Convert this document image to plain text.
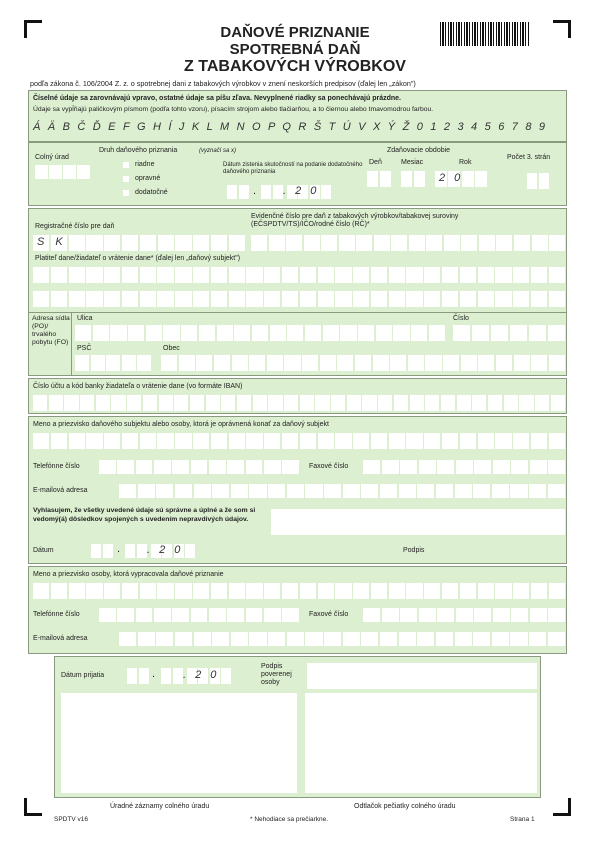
DAŇOVÉ PRIZNANIE
SPOTREBNÁ DAŇ
Z TABAKOVÝCH VÝROBKOV
podľa zákona č. 106/2004 Z. z. o spotrebnej dani z tabakových výrobkov v znení neskorších predpisov (ďalej len „zákon")
Číselné údaje sa zarovnávajú vpravo, ostatné údaje sa píšu zľava. Nevyplnené riadky sa ponechávajú prázdne.
Údaje sa vypĺňajú paličkovým písmom (podľa tohto vzoru), písacím strojom alebo tlačiarňou, a to čiernou alebo tmavomodrou farbou.
Á Ä B Č Ď E F G H Í J K L M N O P Q R Š T Ú V X Ý Ž 0 1 2 3 4 5 6 7 8 9
Colný úrad
Druh daňového priznania	(vyznačí sa x)
riadne
opravné
dodatočné
Dátum zistenia skutočností na podanie dodatočného daňového priznania
. . 2 0
Zdaňovacie obdobie
Deň	Mesiac	Rok
2 0
Počet 3. strán
Registračné číslo pre daň
S K
Evidenčné číslo pre daň z tabakových výrobkov/tabakovej suroviny
(EČSPDTV/TS)/IČO/rodné číslo (RČ)*
Platiteľ dane/žiadateľ o vrátenie dane* (ďalej len „daňový subjekt")
Adresa sídla (PO)/ trvalého pobytu (FO)
Ulica	Číslo
PSČ	Obec
Číslo účtu a kód banky žiadateľa o vrátenie dane (vo formáte IBAN)
Meno a priezvisko daňového subjektu alebo osoby, ktorá je oprávnená konať za daňový subjekt
Telefónne číslo	Faxové číslo
E-mailová adresa
Vyhlasujem, že všetky uvedené údaje sú správne a úplné a že som si vedomý(á) dôsledkov spojených s uvedením nepravdivých údajov.
Dátum	. . 2 0	Podpis
Meno a priezvisko osoby, ktorá vypracovala daňové priznanie
Telefónne číslo	Faxové číslo
E-mailová adresa
Dátum prijatia	.	. 2 0
Podpis poverenej osoby
Úradné záznamy colného úradu	Odtlačok pečiatky colného úradu
SPDTV v16	* Nehodiace sa prečiarkne.	Strana 1
